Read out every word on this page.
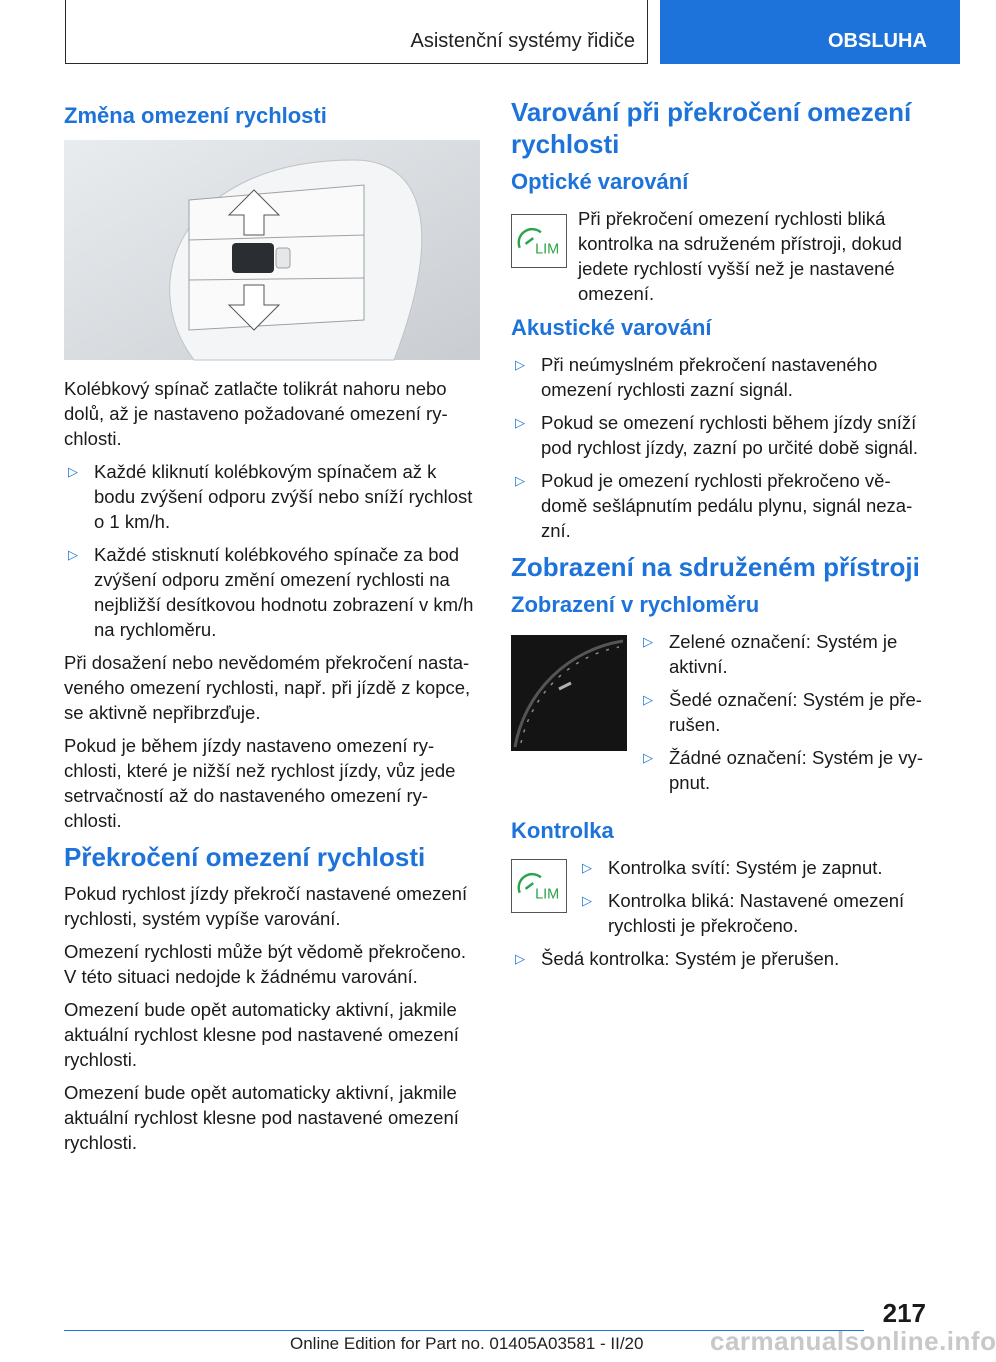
Asistenční systémy řidiče	OBSLUHA
Změna omezení rychlosti

Kolébkový spínač zatlačte tolikrát nahoru nebo dolů, až je nastaveno požadované omezení ry- chlosti.

▷ Každé kliknutí kolébkovým spínačem až k bodu zvýšení odporu zvýší nebo sníží rychlost o 1 km/h.
▷ Každé stisknutí kolébkového spínače za bod zvýšení odporu změní omezení rychlosti na nejbližší desítkovou hodnotu zobrazení v km/h na rychloměru.

Při dosažení nebo nevědomém překročení nasta- veného omezení rychlosti, např. při jízdě z kopce, se aktivně nepřibrzďuje.

Pokud je během jízdy nastaveno omezení ry- chlosti, které je nižší než rychlost jízdy, vůz jede setrvačností až do nastaveného omezení ry- chlosti.

Překročení omezení rychlosti

Pokud rychlost jízdy překročí nastavené omezení rychlosti, systém vypíše varování.

Omezení rychlosti může být vědomě překročeno. V této situaci nedojde k žádnému varování.

Omezení bude opět automaticky aktivní, jakmile aktuální rychlost klesne pod nastavené omezení rychlosti.

Omezení bude opět automaticky aktivní, jakmile aktuální rychlost klesne pod nastavené omezení rychlosti.

Varování při překročení omezení rychlosti
Optické varování
LIM

Při překročení omezení rychlosti bliká kontrolka na sdruženém přístroji, dokud jedete rychlostí vyšší než je nastavené omezení.

Akustické varování
▷ Při neúmyslném překročení nastaveného omezení rychlosti zazní signál.
▷ Pokud se omezení rychlosti během jízdy sníží pod rychlost jízdy, zazní po určité době signál.
▷ Pokud je omezení rychlosti překročeno vě- domě sešlápnutím pedálu plynu, signál neza- zní.
Zobrazení na sdruženém přístroji
Zobrazení v rychloměru
▷ Zelené označení: Systém je aktivní.
▷ Šedé označení: Systém je pře- rušen.
▷ Žádné označení: Systém je vy- pnut.
Kontrolka
LIM
▷ Kontrolka svítí: Systém je zapnut.
▷ Kontrolka bliká: Nastavené omezení rychlosti je překročeno.
▷ Šedá kontrolka: Systém je přerušen.
217
Online Edition for Part no. 01405A03581 - II/20	carmanualsonline.info
